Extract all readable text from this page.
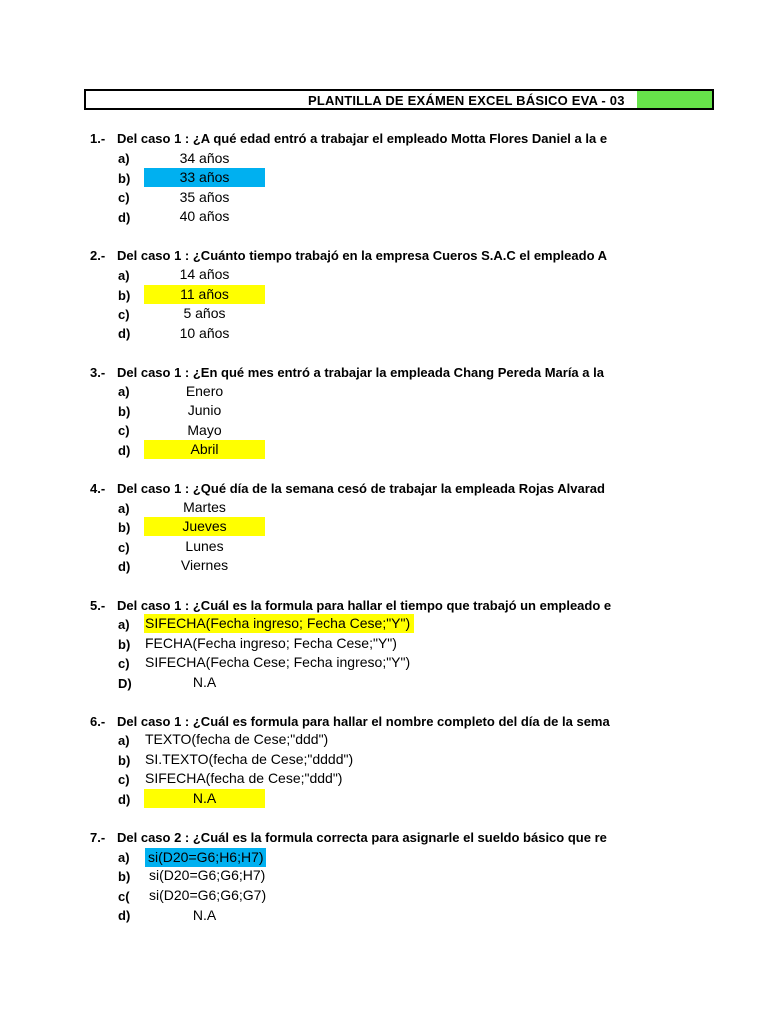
PLANTILLA DE EXÁMEN EXCEL BÁSICO EVA - 03
1.- Del caso 1 : ¿A qué edad entró a trabajar el empleado Motta Flores Daniel a la e
a)	34 años
b)	33 años
c)	35 años
d)	40 años
2.- Del caso 1 : ¿Cuánto tiempo trabajó en la empresa Cueros S.A.C el empleado A
a)	14 años
b)	11 años
c)	5 años
d)	10 años
3.- Del caso 1 : ¿En qué mes entró a trabajar la empleada Chang Pereda María a la
a)	Enero
b)	Junio
c)	Mayo
d)	Abril
4.- Del caso 1 : ¿Qué día de la semana cesó de trabajar la empleada Rojas Alvarad
a)	Martes
b)	Jueves
c)	Lunes
d)	Viernes
5.- Del caso 1 : ¿Cuál es la formula para hallar el tiempo que trabajó un empleado e
a) SIFECHA(Fecha ingreso; Fecha Cese;"Y")
b) FECHA(Fecha ingreso; Fecha Cese;"Y")
c) SIFECHA(Fecha Cese; Fecha ingreso;"Y")
D)	N.A
6.- Del caso 1 : ¿Cuál es formula para hallar el nombre completo del día de la sema
a) TEXTO(fecha de Cese;"ddd")
b) SI.TEXTO(fecha de Cese;"dddd")
c) SIFECHA(fecha de Cese;"ddd")
d)	N.A
7.- Del caso 2 : ¿Cuál es la formula correcta para asignarle el sueldo básico que re
a) si(D20=G6;H6;H7)
b) si(D20=G6;G6;H7)
c( si(D20=G6;G6;G7)
d)	N.A
